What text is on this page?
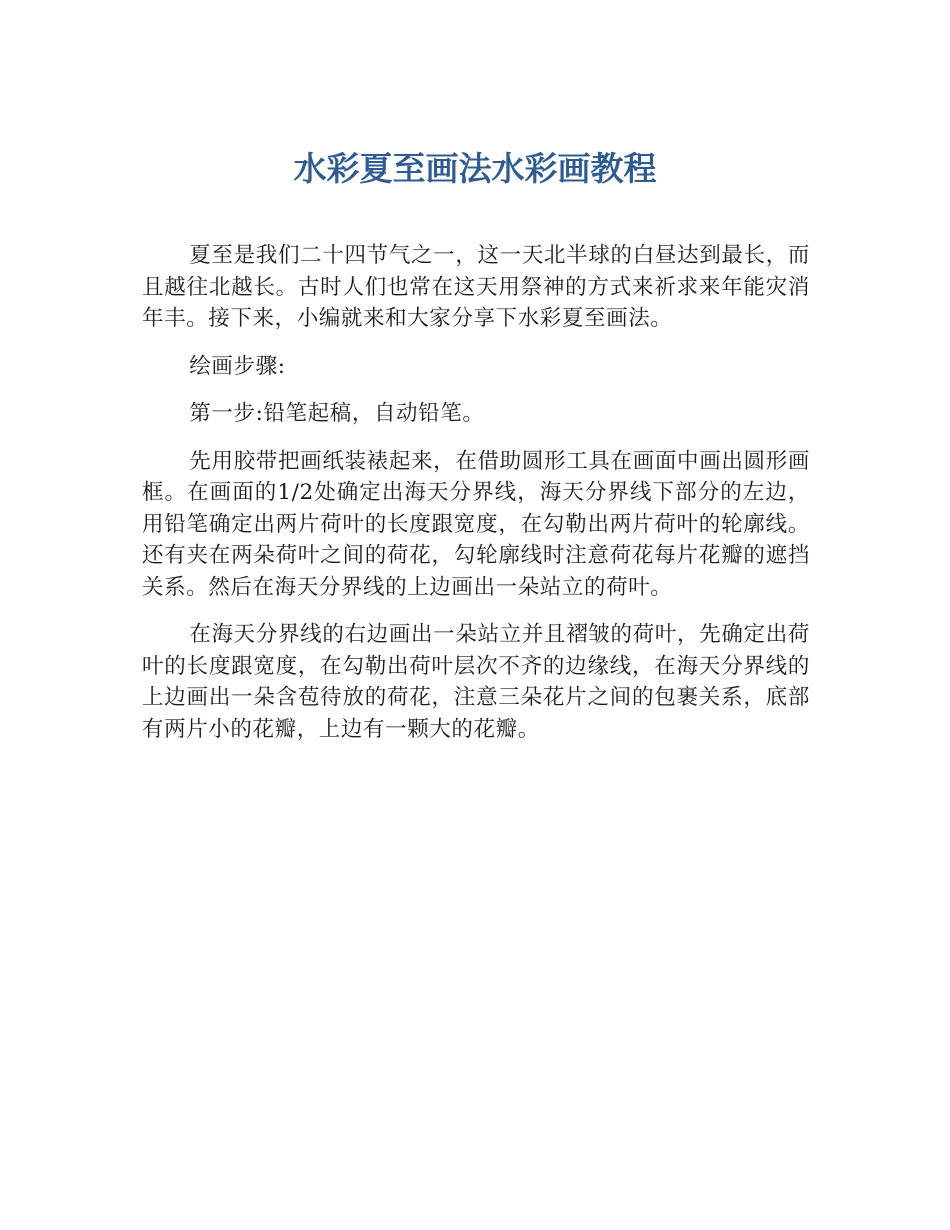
水彩夏至画法水彩画教程

夏至是我们二十四节气之一，这一天北半球的白昼达到最长，而且越往北越长。古时人们也常在这天用祭神的方式来祈求来年能灾消年丰。接下来，小编就来和大家分享下水彩夏至画法。

绘画步骤:

第一步:铅笔起稿，自动铅笔。

先用胶带把画纸装裱起来，在借助圆形工具在画面中画出圆形画框。在画面的1/2处确定出海天分界线，海天分界线下部分的左边，用铅笔确定出两片荷叶的长度跟宽度，在勾勒出两片荷叶的轮廓线。还有夹在两朵荷叶之间的荷花，勾轮廓线时注意荷花每片花瓣的遮挡关系。然后在海天分界线的上边画出一朵站立的荷叶。

在海天分界线的右边画出一朵站立并且褶皱的荷叶，先确定出荷叶的长度跟宽度，在勾勒出荷叶层次不齐的边缘线，在海天分界线的上边画出一朵含苞待放的荷花，注意三朵花片之间的包裹关系，底部有两片小的花瓣，上边有一颗大的花瓣。
